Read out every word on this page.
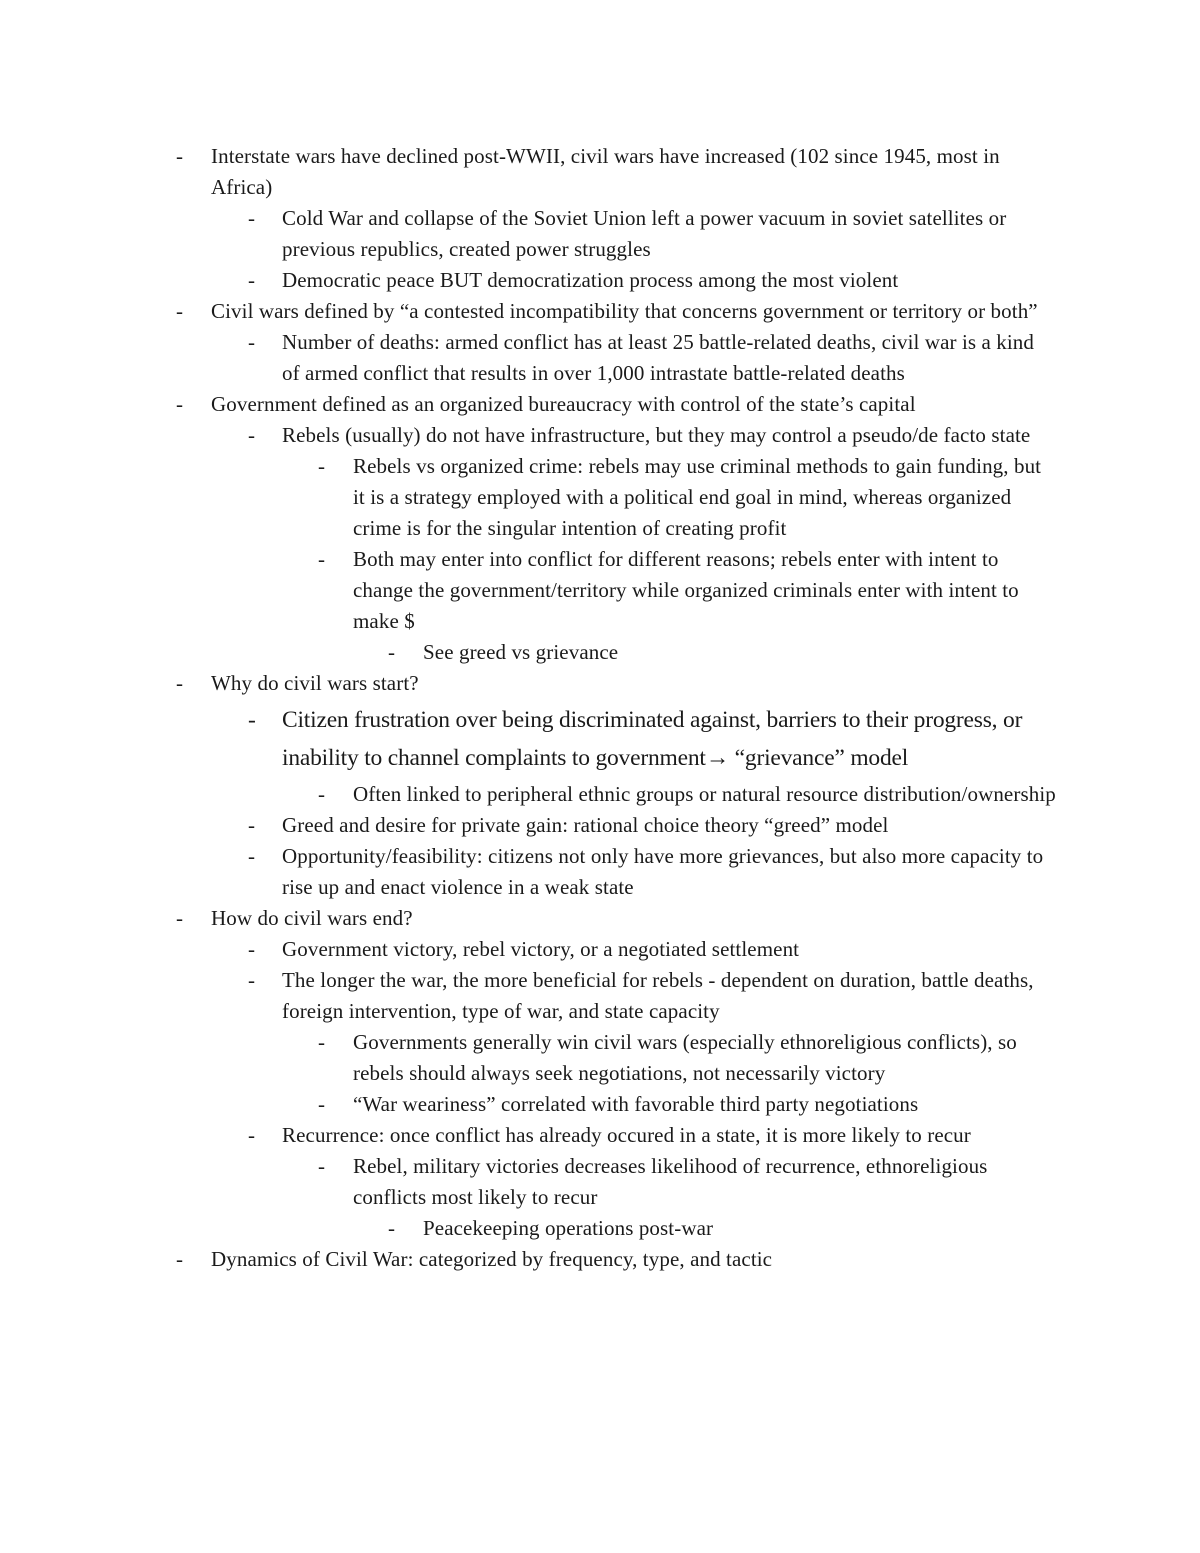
-	Interstate wars have declined post-WWII, civil wars have increased (102 since 1945, most in Africa)
-	Cold War and collapse of the Soviet Union left a power vacuum in soviet satellites or previous republics, created power struggles
-	Democratic peace BUT democratization process among the most violent
-	Civil wars defined by “a contested incompatibility that concerns government or territory or both”
-	Number of deaths: armed conflict has at least 25 battle-related deaths, civil war is a kind of armed conflict that results in over 1,000 intrastate battle-related deaths
-	Government defined as an organized bureaucracy with control of the state’s capital
-	Rebels (usually) do not have infrastructure, but they may control a pseudo/de facto state
-	Rebels vs organized crime: rebels may use criminal methods to gain funding, but it is a strategy employed with a political end goal in mind, whereas organized crime is for the singular intention of creating profit
-	Both may enter into conflict for different reasons; rebels enter with intent to change the government/territory while organized criminals enter with intent to make $
-	See greed vs grievance
-	Why do civil wars start?
-	Citizen frustration over being discriminated against, barriers to their progress, or inability to channel complaints to government→ “grievance” model
-	Often linked to peripheral ethnic groups or natural resource distribution/ownership
-	Greed and desire for private gain: rational choice theory “greed” model
-	Opportunity/feasibility: citizens not only have more grievances, but also more capacity to rise up and enact violence in a weak state
-	How do civil wars end?
-	Government victory, rebel victory, or a negotiated settlement
-	The longer the war, the more beneficial for rebels - dependent on duration, battle deaths, foreign intervention, type of war, and state capacity
-	Governments generally win civil wars (especially ethnoreligious conflicts), so rebels should always seek negotiations, not necessarily victory
-	“War weariness” correlated with favorable third party negotiations
-	Recurrence: once conflict has already occured in a state, it is more likely to recur
-	Rebel, military victories decreases likelihood of recurrence, ethnoreligious conflicts most likely to recur
-	Peacekeeping operations post-war
-	Dynamics of Civil War: categorized by frequency, type, and tactic
